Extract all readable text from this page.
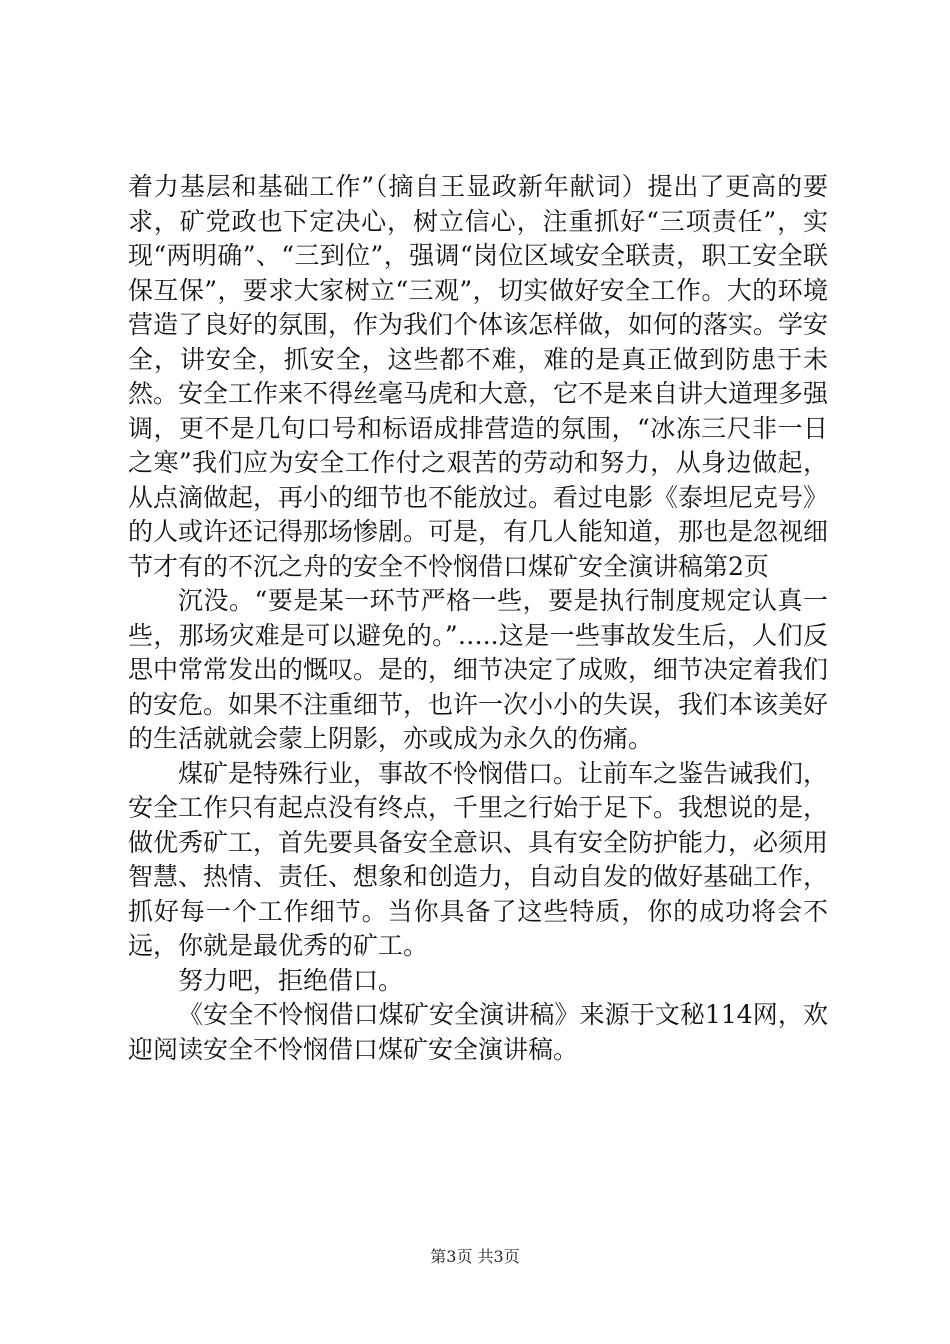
着力基层和基础工作”（摘自王显政新年献词）提出了更高的要求，矿党政也下定决心，树立信心，注重抓好“三项责任”，实现“两明确”、“三到位”，强调“岗位区域安全联责，职工安全联保互保”，要求大家树立“三观”，切实做好安全工作。大的环境营造了良好的氛围，作为我们个体该怎样做，如何的落实。学安全，讲安全，抓安全，这些都不难，难的是真正做到防患于未然。安全工作来不得丝毫马虎和大意，它不是来自讲大道理多强调，更不是几句口号和标语成排营造的氛围，“冰冻三尺非一日之寒”我们应为安全工作付之艰苦的劳动和努力，从身边做起，从点滴做起，再小的细节也不能放过。看过电影《泰坦尼克号》的人或许还记得那场惨剧。可是，有几人能知道，那也是忽视细节才有的不沉之舟的安全不怜悯借口煤矿安全演讲稿第2页

沉没。“要是某一环节严格一些，要是执行制度规定认真一些，那场灾难是可以避免的。”…..这是一些事故发生后，人们反思中常常发出的慨叹。是的，细节决定了成败，细节决定着我们的安危。如果不注重细节，也许一次小小的失误，我们本该美好的生活就就会蒙上阴影，亦或成为永久的伤痛。

煤矿是特殊行业，事故不怜悯借口。让前车之鉴告诫我们，安全工作只有起点没有终点，千里之行始于足下。我想说的是，做优秀矿工，首先要具备安全意识、具有安全防护能力，必须用智慧、热情、责任、想象和创造力，自动自发的做好基础工作，抓好每一个工作细节。当你具备了这些特质，你的成功将会不远，你就是最优秀的矿工。

努力吧，拒绝借口。

《安全不怜悯借口煤矿安全演讲稿》来源于文秘114网，欢迎阅读安全不怜悯借口煤矿安全演讲稿。

第3页 共3页
